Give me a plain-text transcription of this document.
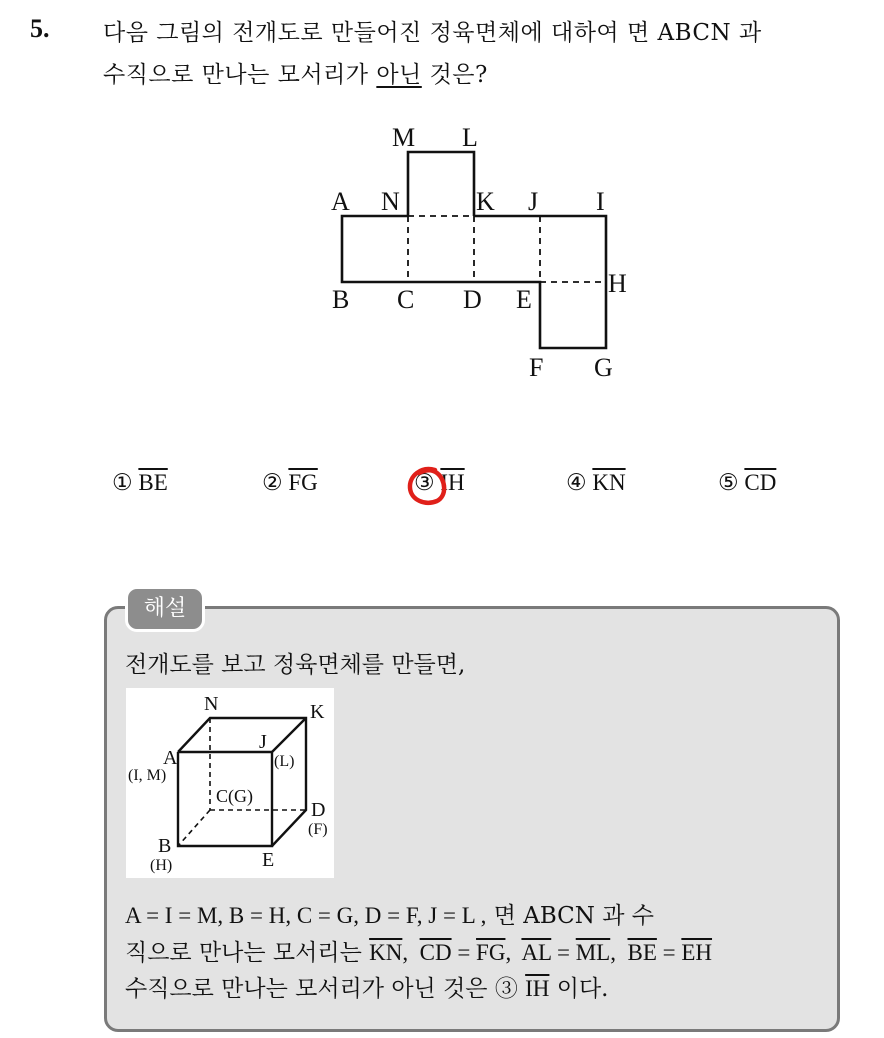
5. 다음 그림의 전개도로 만들어진 정육면체에 대하여 면 ABCN 과
수직으로 만나는 모서리가 아닌 것은?
M L
A N	K J I
H
B C D E
F G
① $\overline{BE}$	② $\overline{FG}$	③ $\overline{IH}$	④ $\overline{KN}$	⑤ $\overline{CD}$
해설
전개도를 보고 정육면체를 만들면,
N	K
A
(I, M)
J
(L)
C(G)
D
(F)
B
(H)	E
A = I = M, B = H, C = G, D = F, J = L , 면 ABCN 과 수
직으로 만나는 모서리는 $\overline{KN}$,  $\overline{CD} = \overline{FG}$,  $\overline{AL} = \overline{ML}$,  $\overline{BE} = \overline{EH}$
수직으로 만나는 모서리가 아닌 것은 ③ $\overline{IH}$ 이다.
